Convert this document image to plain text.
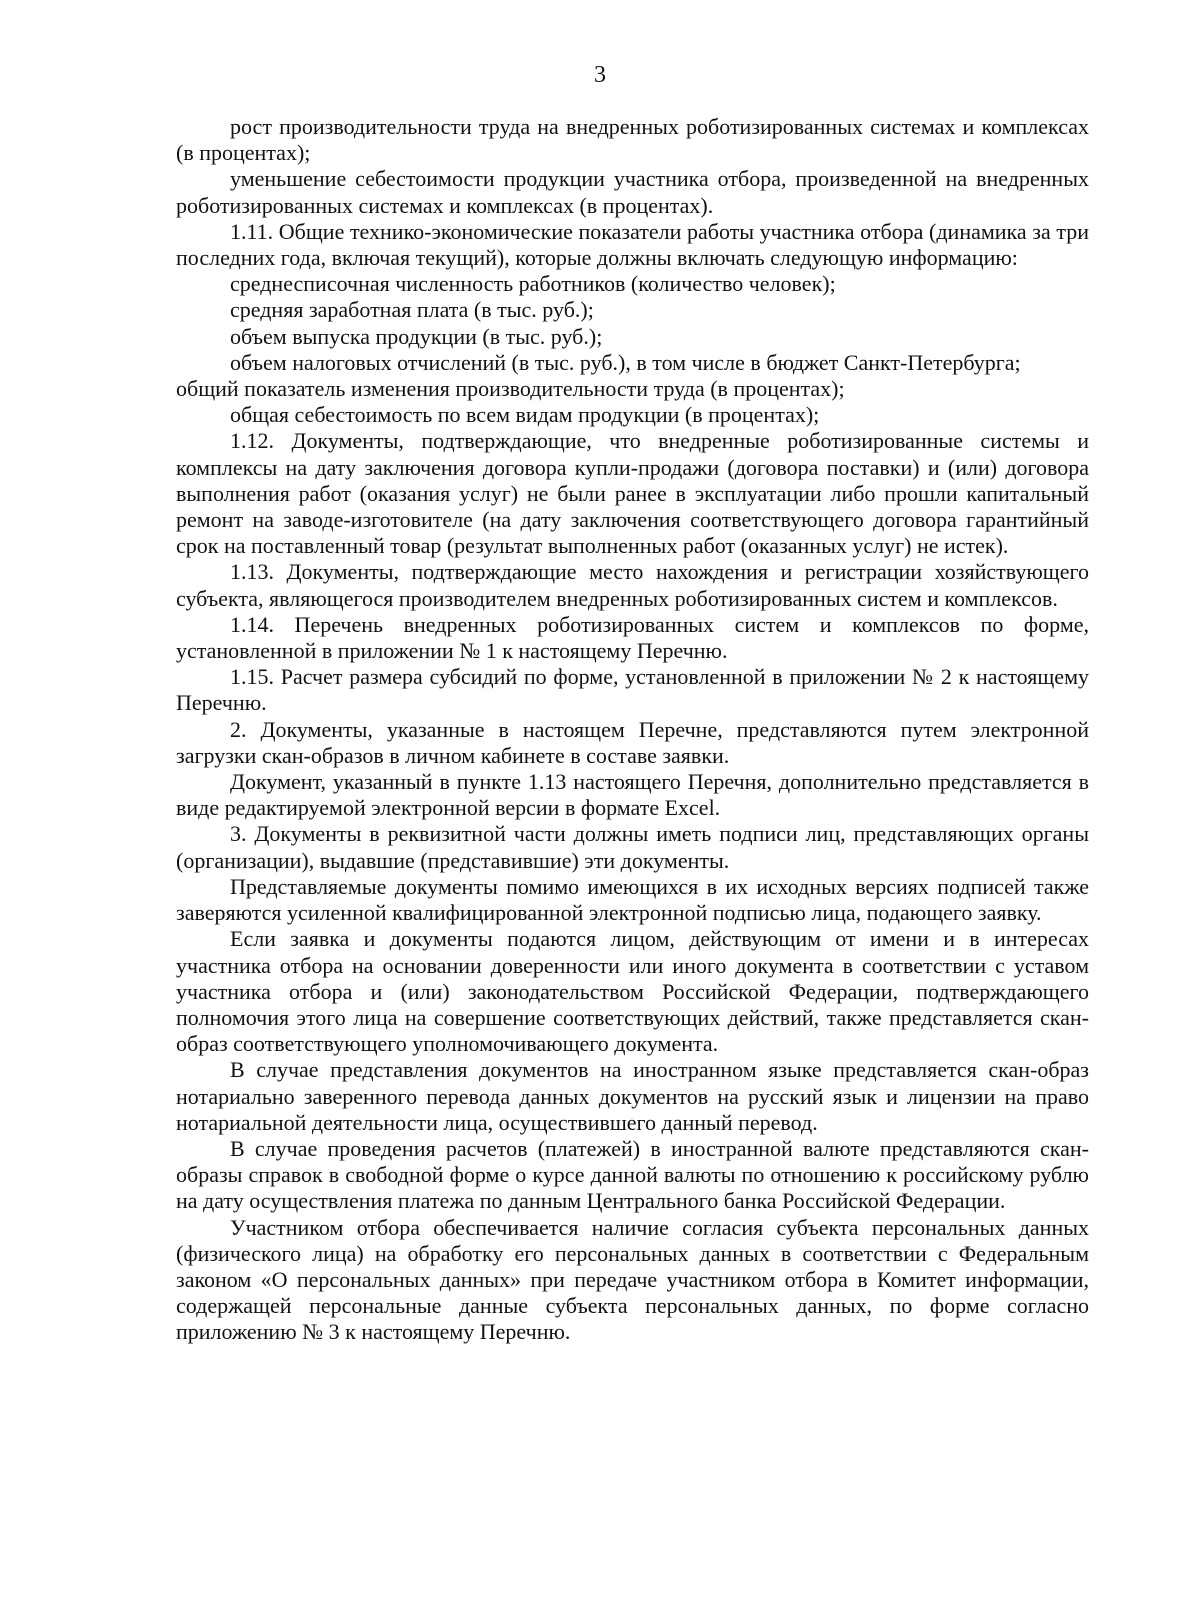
3

рост производительности труда на внедренных роботизированных системах и комплексах (в процентах);

уменьшение себестоимости продукции участника отбора, произведенной на внедренных роботизированных системах и комплексах (в процентах).

1.11. Общие технико-экономические показатели работы участника отбора (динамика за три последних года, включая текущий), которые должны включать следующую информацию:

среднесписочная численность работников (количество человек);

средняя заработная плата (в тыс. руб.);

объем выпуска продукции (в тыс. руб.);

объем налоговых отчислений (в тыс. руб.), в том числе в бюджет Санкт-Петербурга;

общий показатель изменения производительности труда (в процентах);

общая себестоимость по всем видам продукции (в процентах);

1.12. Документы, подтверждающие, что внедренные роботизированные системы и комплексы на дату заключения договора купли-продажи (договора поставки) и (или) договора выполнения работ (оказания услуг) не были ранее в эксплуатации либо прошли капитальный ремонт на заводе-изготовителе (на дату заключения соответствующего договора гарантийный срок на поставленный товар (результат выполненных работ (оказанных услуг) не истек).

1.13. Документы, подтверждающие место нахождения и регистрации хозяйствующего субъекта, являющегося производителем внедренных роботизированных систем и комплексов.

1.14. Перечень внедренных роботизированных систем и комплексов по форме, установленной в приложении № 1 к настоящему Перечню.

1.15. Расчет размера субсидий по форме, установленной в приложении № 2 к настоящему Перечню.

2. Документы, указанные в настоящем Перечне, представляются путем электронной загрузки скан-образов в личном кабинете в составе заявки.

Документ, указанный в пункте 1.13 настоящего Перечня, дополнительно представляется в виде редактируемой электронной версии в формате Excel.

3. Документы в реквизитной части должны иметь подписи лиц, представляющих органы (организации), выдавшие (представившие) эти документы.

Представляемые документы помимо имеющихся в их исходных версиях подписей также заверяются усиленной квалифицированной электронной подписью лица, подающего заявку.

Если заявка и документы подаются лицом, действующим от имени и в интересах участника отбора на основании доверенности или иного документа в соответствии с уставом участника отбора и (или) законодательством Российской Федерации, подтверждающего полномочия этого лица на совершение соответствующих действий, также представляется скан-образ соответствующего уполномочивающего документа.

В случае представления документов на иностранном языке представляется скан-образ нотариально заверенного перевода данных документов на русский язык и лицензии на право нотариальной деятельности лица, осуществившего данный перевод.

В случае проведения расчетов (платежей) в иностранной валюте представляются скан-образы справок в свободной форме о курсе данной валюты по отношению к российскому рублю на дату осуществления платежа по данным Центрального банка Российской Федерации.

Участником отбора обеспечивается наличие согласия субъекта персональных данных (физического лица) на обработку его персональных данных в соответствии с Федеральным законом «О персональных данных» при передаче участником отбора в Комитет информации, содержащей персональные данные субъекта персональных данных, по форме согласно приложению № 3 к настоящему Перечню.
